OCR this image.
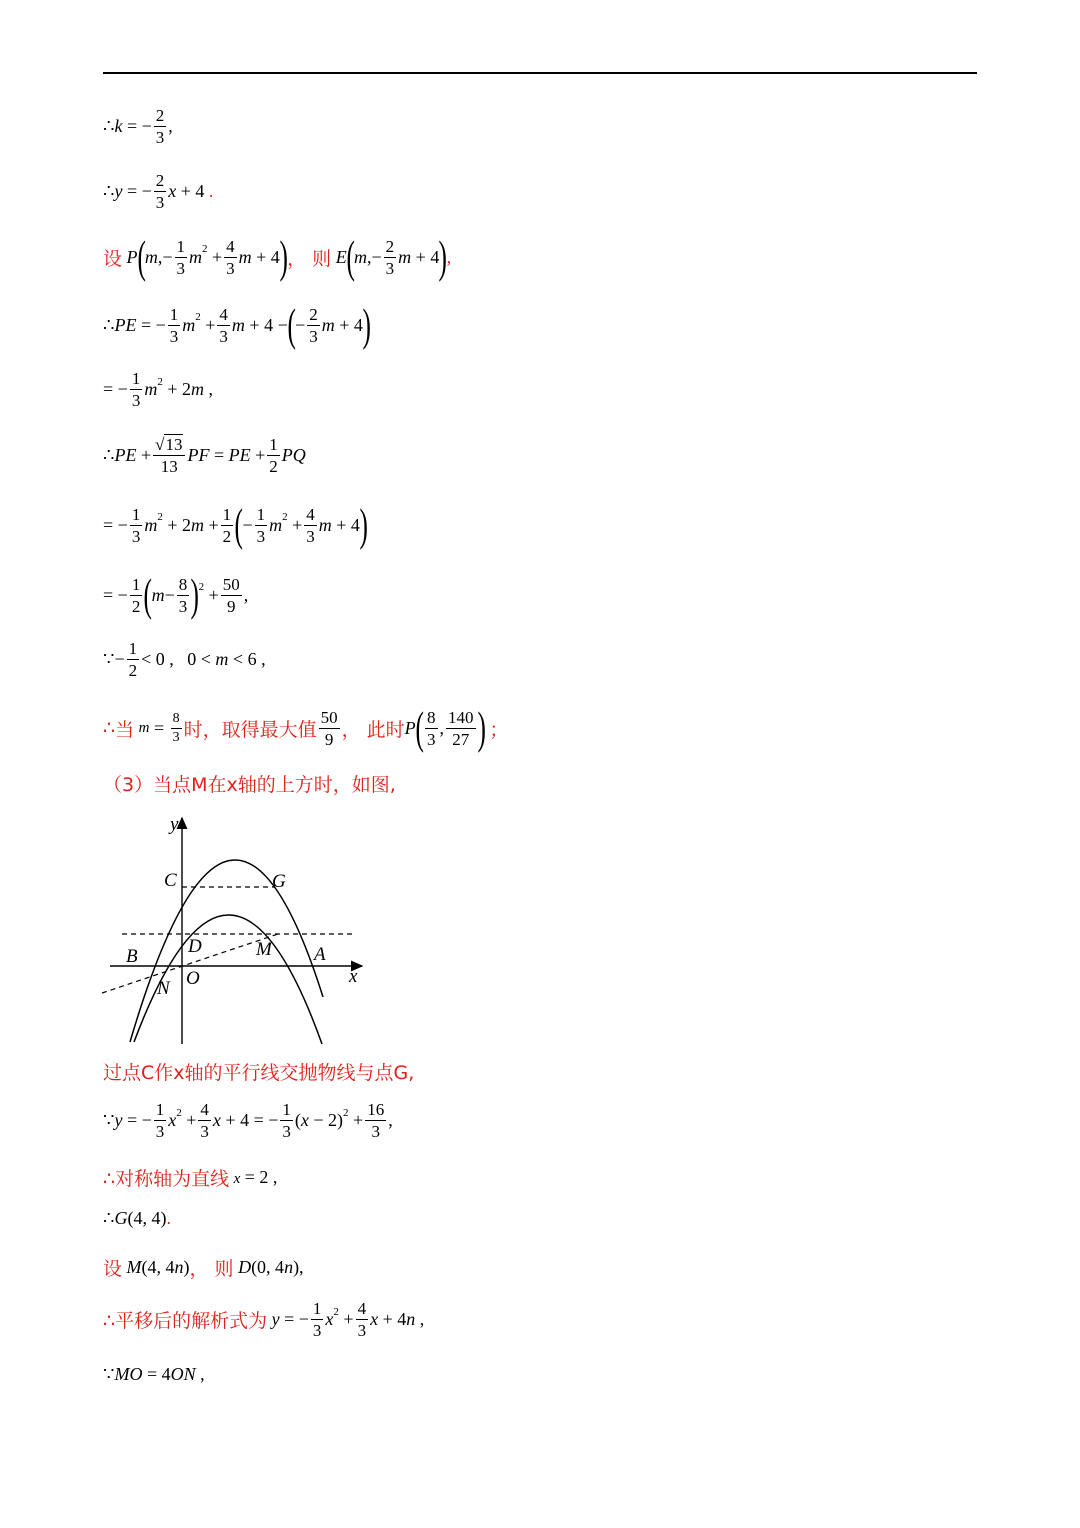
∴ k = − $\frac{2}{3}$ ,
∴ y = − $\frac{2}{3}$ x + 4 .
设 P ( m ,− $\frac{1}{3}$ m $2 + \frac{4}{3}$ m + 4 ) ， 则 E ( m ,− $\frac{2}{3}$ m + 4 ) ,
∴ PE = − $\frac{1}{3}$ m $2 + \frac{4}{3}$ m + 4 − ( − $\frac{2}{3}$ m + 4 )
= − $\frac{1}{3}$ m 2 + 2 m ,
∴ PE + $\frac{√13}{13}$ PF = PE + $\frac{1}{2}$ PQ
= − $\frac{1}{3}$ m 2 + 2 $m + \frac{1}{2}$ ( − $\frac{1}{3}$ m $2 + \frac{4}{3}$ m + 4 )
= − $\frac{1}{2}$ ( $m - \frac{8}{3}$ ) $2 + \frac{50}{9}$ ,
∵ − $\frac{1}{2} < 0$ ,   0 < m < 6 ,
∴ 当
$m = \frac{8}{3}$ 时，取得最大值 $\frac{50}{9}$ ， 此时 P ( $\frac{8}{3}$ , $\frac{140}{27}$ )
；
（3）当点M在x轴的上方时，如图,
y
C	G
B	D	M A
x
O
N
过点C作x轴的平行线交抛物线与点G,
∵ y = − $\frac{1}{3}$ x $2 + \frac{4}{3}$ x + 4 = − $\frac{1}{3}$ ( x − 2) $2 + \frac{16}{3}$ ,
∴对称轴为直线 x = 2 ,
∴ G (4, 4) .
设
M (4, 4 n ) ， 则
D (0, 4 n ),
∴平移后的解析式为
y = − $\frac{1}{3}$ x $2 + \frac{4}{3}$ x + 4 n ,
∵ MO = 4 ON ,
